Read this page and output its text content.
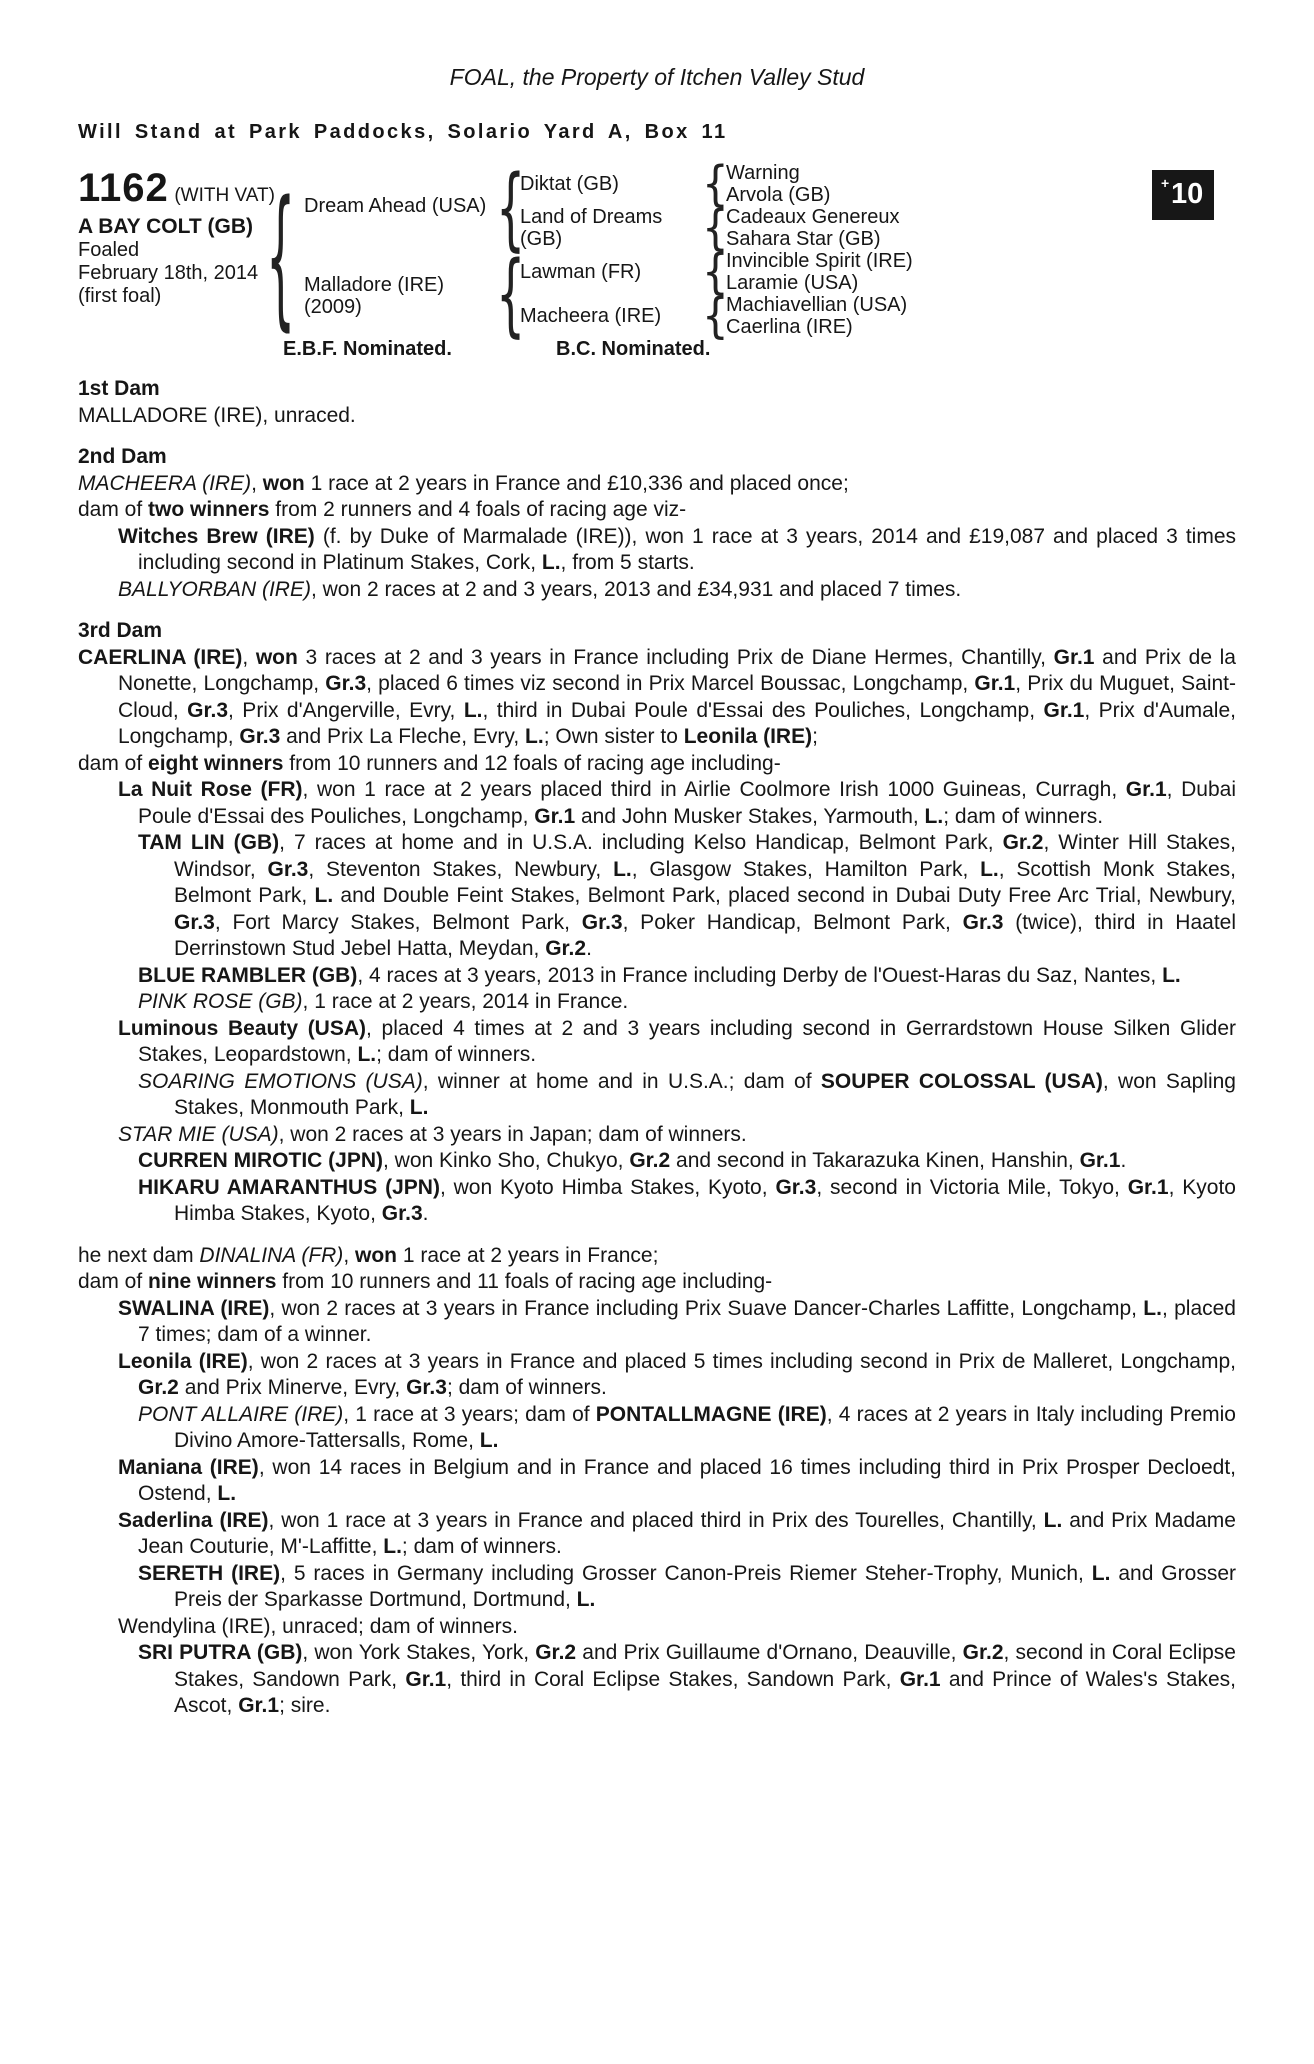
+ 10
FOAL, the Property of Itchen Valley Stud
Will Stand at Park Paddocks, Solario Yard A, Box 11
1162 (WITH VAT)
A BAY COLT (GB)
Foaled
February 18th, 2014
(first foal)	{ Dream Ahead (USA)
Malladore (IRE)
(2009)
{
{
Diktat (GB)
Land of Dreams (GB)
Lawman (FR)
Macheera (IRE)
{
{
{
{
Warning
Arvola (GB)
Cadeaux Genereux
Sahara Star (GB)
Invincible Spirit (IRE)
Laramie (USA)
Machiavellian (USA)
Caerlina (IRE)
E.B.F. Nominated.	B.C. Nominated.
1st Dam

MALLADORE (IRE), unraced.

2nd Dam

MACHEERA (IRE), won 1 race at 2 years in France and £10,336 and placed once;

dam of two winners from 2 runners and 4 foals of racing age viz-

Witches Brew (IRE) (f. by Duke of Marmalade (IRE)), won 1 race at 3 years, 2014 and £19,087 and placed 3 times including second in Platinum Stakes, Cork, L., from 5 starts.

BALLYORBAN (IRE), won 2 races at 2 and 3 years, 2013 and £34,931 and placed 7 times.

3rd Dam

CAERLINA (IRE), won 3 races at 2 and 3 years in France including Prix de Diane Hermes, Chantilly, Gr.1 and Prix de la Nonette, Longchamp, Gr.3, placed 6 times viz second in Prix Marcel Boussac, Longchamp, Gr.1, Prix du Muguet, Saint-Cloud, Gr.3, Prix d'Angerville, Evry, L., third in Dubai Poule d'Essai des Pouliches, Longchamp, Gr.1, Prix d'Aumale, Longchamp, Gr.3 and Prix La Fleche, Evry, L.; Own sister to Leonila (IRE);

dam of eight winners from 10 runners and 12 foals of racing age including-

La Nuit Rose (FR), won 1 race at 2 years placed third in Airlie Coolmore Irish 1000 Guineas, Curragh, Gr.1, Dubai Poule d'Essai des Pouliches, Longchamp, Gr.1 and John Musker Stakes, Yarmouth, L.; dam of winners.

TAM LIN (GB), 7 races at home and in U.S.A. including Kelso Handicap, Belmont Park, Gr.2, Winter Hill Stakes, Windsor, Gr.3, Steventon Stakes, Newbury, L., Glasgow Stakes, Hamilton Park, L., Scottish Monk Stakes, Belmont Park, L. and Double Feint Stakes, Belmont Park, placed second in Dubai Duty Free Arc Trial, Newbury, Gr.3, Fort Marcy Stakes, Belmont Park, Gr.3, Poker Handicap, Belmont Park, Gr.3 (twice), third in Haatel Derrinstown Stud Jebel Hatta, Meydan, Gr.2.

BLUE RAMBLER (GB), 4 races at 3 years, 2013 in France including Derby de l'Ouest-Haras du Saz, Nantes, L.

PINK ROSE (GB), 1 race at 2 years, 2014 in France.

Luminous Beauty (USA), placed 4 times at 2 and 3 years including second in Gerrardstown House Silken Glider Stakes, Leopardstown, L.; dam of winners.

SOARING EMOTIONS (USA), winner at home and in U.S.A.; dam of SOUPER COLOSSAL (USA), won Sapling Stakes, Monmouth Park, L.

STAR MIE (USA), won 2 races at 3 years in Japan; dam of winners.

CURREN MIROTIC (JPN), won Kinko Sho, Chukyo, Gr.2 and second in Takarazuka Kinen, Hanshin, Gr.1.

HIKARU AMARANTHUS (JPN), won Kyoto Himba Stakes, Kyoto, Gr.3, second in Victoria Mile, Tokyo, Gr.1, Kyoto Himba Stakes, Kyoto, Gr.3.

he next dam DINALINA (FR), won 1 race at 2 years in France;

dam of nine winners from 10 runners and 11 foals of racing age including-

SWALINA (IRE), won 2 races at 3 years in France including Prix Suave Dancer-Charles Laffitte, Longchamp, L., placed 7 times; dam of a winner.

Leonila (IRE), won 2 races at 3 years in France and placed 5 times including second in Prix de Malleret, Longchamp, Gr.2 and Prix Minerve, Evry, Gr.3; dam of winners.

PONT ALLAIRE (IRE), 1 race at 3 years; dam of PONTALLMAGNE (IRE), 4 races at 2 years in Italy including Premio Divino Amore-Tattersalls, Rome, L.

Maniana (IRE), won 14 races in Belgium and in France and placed 16 times including third in Prix Prosper Decloedt, Ostend, L.

Saderlina (IRE), won 1 race at 3 years in France and placed third in Prix des Tourelles, Chantilly, L. and Prix Madame Jean Couturie, M'-Laffitte, L.; dam of winners.

SERETH (IRE), 5 races in Germany including Grosser Canon-Preis Riemer Steher-Trophy, Munich, L. and Grosser Preis der Sparkasse Dortmund, Dortmund, L.

Wendylina (IRE), unraced; dam of winners.

SRI PUTRA (GB), won York Stakes, York, Gr.2 and Prix Guillaume d'Ornano, Deauville, Gr.2, second in Coral Eclipse Stakes, Sandown Park, Gr.1, third in Coral Eclipse Stakes, Sandown Park, Gr.1 and Prince of Wales's Stakes, Ascot, Gr.1; sire.
